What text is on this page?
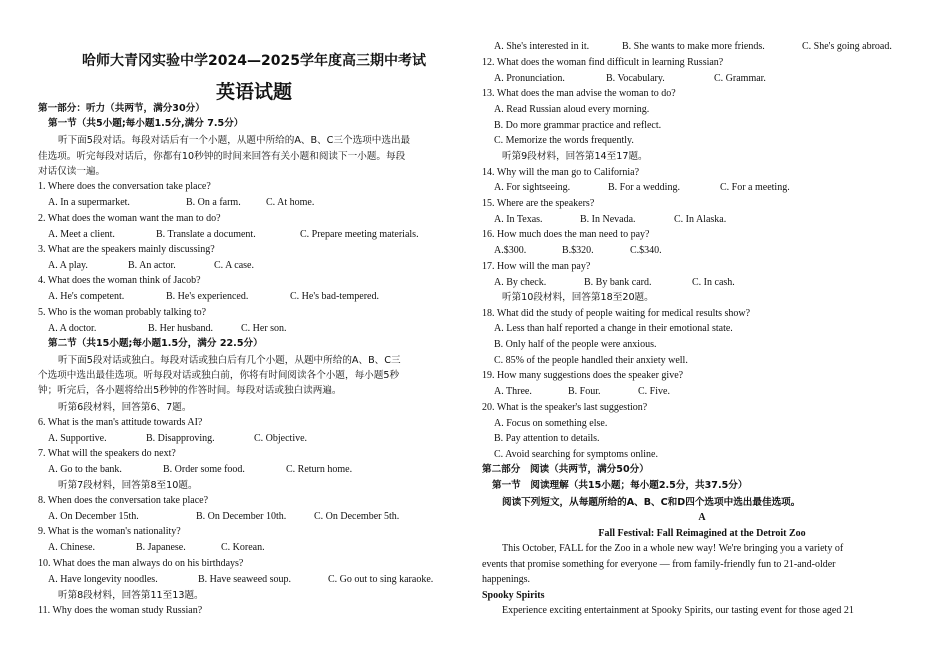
哈师大青冈实验中学2024—2025学年度高三期中考试
英语试题
第一部分：听力（共两节，满分30分）
第一节（共5小题;每小题1.5分,满分 7.5分）
听下面5段对话。每段对话后有一个小题，从题中所给的A、B、C三个选项中选出最
佳选项。听完每段对话后，你都有10秒钟的时间来回答有关小题和阅读下一小题。每段
对话仅读一遍。
1. Where does the conversation take place?
A. In a supermarket.	B. On a farm.	C. At home.
2. What does the woman want the man to do?
A. Meet a client.	B. Translate a document.	C. Prepare meeting materials.
3. What are the speakers mainly discussing?
A. A play.	B. An actor.	C. A case.
4. What does the woman think of Jacob?
A. He's competent.	B. He's experienced.	C. He's bad-tempered.
5. Who is the woman probably talking to?
A. A doctor.	B. Her husband.	C. Her son.
第二节（共15小题;每小题1.5分，满分 22.5分）
听下面5段对话或独白。每段对话或独白后有几个小题，从题中所给的A、B、C三
个选项中选出最佳选项。听每段对话或独白前，你将有时间阅读各个小题，每小题5秒
钟；听完后，各小题将给出5秒钟的作答时间。每段对话或独白读两遍。
听第6段材料，回答第6、7题。
6. What is the man's attitude towards AI?
A. Supportive.	B. Disapproving.	C. Objective.
7. What will the speakers do next?
A. Go to the bank.	B. Order some food.	C. Return home.
听第7段材料，回答第8至10题。
8. When does the conversation take place?
A. On December 15th.	B. On December 10th.	C. On December 5th.
9. What is the woman's nationality?
A. Chinese.	B. Japanese.	C. Korean.
10. What does the man always do on his birthdays?
A. Have longevity noodles.	B. Have seaweed soup.	C. Go out to sing karaoke.
听第8段材料，回答第11至13题。
11. Why does the woman study Russian?
A. She's interested in it.	B. She wants to make more friends.	C. She's going abroad.
12. What does the woman find difficult in learning Russian?
A. Pronunciation.	B. Vocabulary.	C. Grammar.
13. What does the man advise the woman to do?
A. Read Russian aloud every morning.
B. Do more grammar practice and reflect.
C. Memorize the words frequently.
听第9段材料，回答第14至17题。
14. Why will the man go to California?
A. For sightseeing.	B. For a wedding.	C. For a meeting.
15. Where are the speakers?
A. In Texas.	B. In Nevada.	C. In Alaska.
16. How much does the man need to pay?
A.$300.	B.$320.	C.$340.
17. How will the man pay?
A. By check.	B. By bank card.	C. In cash.
听第10段材料，回答第18至20题。
18. What did the study of people waiting for medical results show?
A. Less than half reported a change in their emotional state.
B. Only half of the people were anxious.
C. 85% of the people handled their anxiety well.
19. How many suggestions does the speaker give?
A. Three.	B. Four.	C. Five.
20. What is the speaker's last suggestion?
A. Focus on something else.
B. Pay attention to details.
C. Avoid searching for symptoms online.
第二部分　阅读（共两节，满分50分）
第一节　阅读理解（共15小题；每小题2.5分，共37.5分）
阅读下列短文，从每题所给的A、B、C和D四个选项中选出最佳选项。
A
Fall Festival: Fall Reimagined at the Detroit Zoo
This October, FALL for the Zoo in a whole new way! We're bringing you a variety of
events that promise something for everyone — from family-friendly fun to 21-and-older
happenings.
Spooky Spirits
Experience exciting entertainment at Spooky Spirits, our tasting event for those aged 21
